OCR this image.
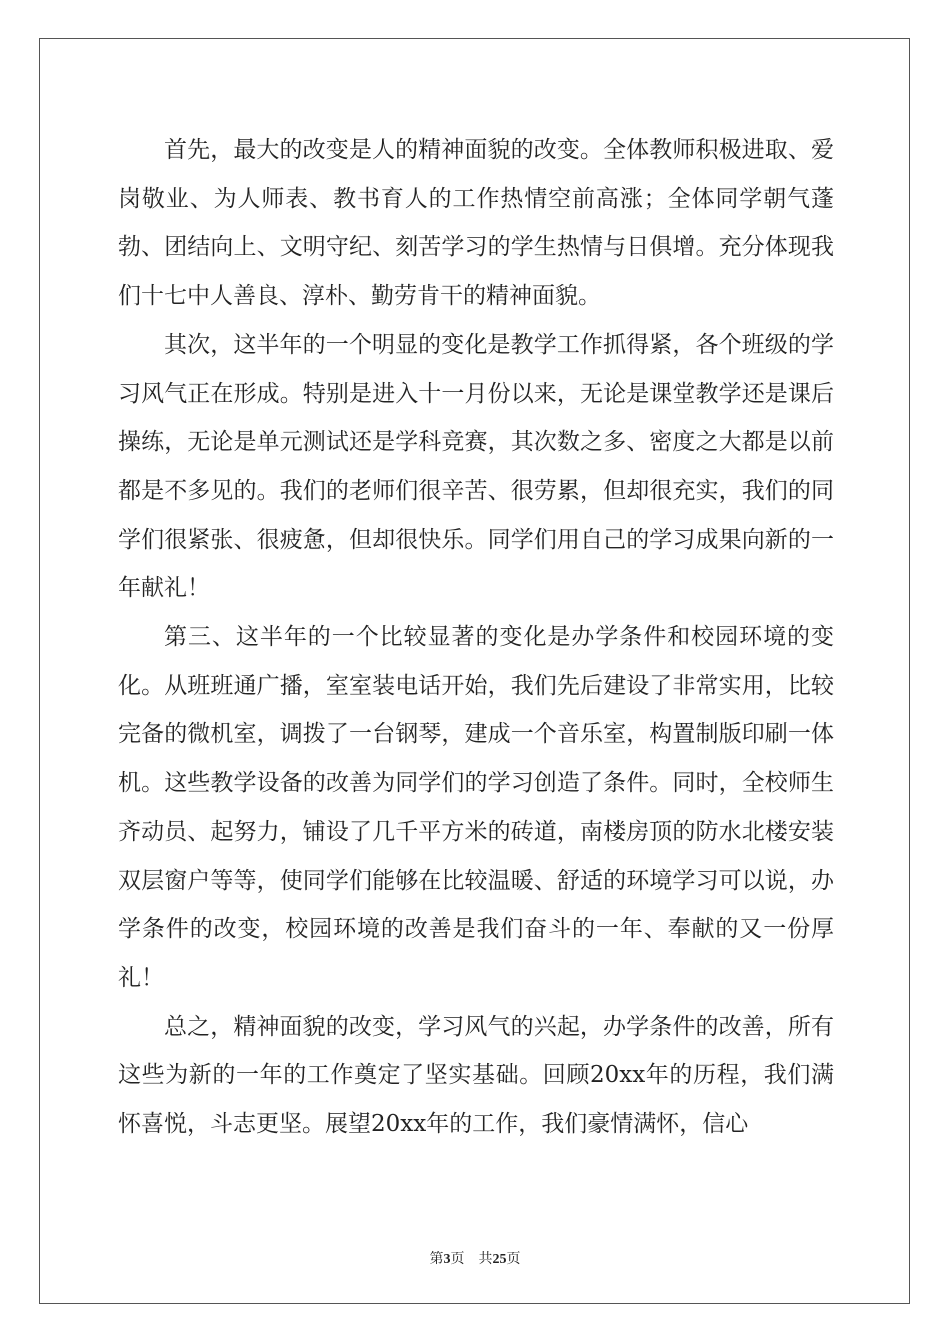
首先，最大的改变是人的精神面貌的改变。全体教师积极进取、爱岗敬业、为人师表、教书育人的工作热情空前高涨；全体同学朝气蓬勃、团结向上、文明守纪、刻苦学习的学生热情与日俱增。充分体现我们十七中人善良、淳朴、勤劳肯干的精神面貌。

其次，这半年的一个明显的变化是教学工作抓得紧，各个班级的学习风气正在形成。特别是进入十一月份以来，无论是课堂教学还是课后操练，无论是单元测试还是学科竞赛，其次数之多、密度之大都是以前都是不多见的。我们的老师们很辛苦、很劳累，但却很充实，我们的同学们很紧张、很疲惫，但却很快乐。同学们用自己的学习成果向新的一年献礼！

第三、这半年的一个比较显著的变化是办学条件和校园环境的变化。从班班通广播，室室装电话开始，我们先后建设了非常实用，比较完备的微机室，调拨了一台钢琴，建成一个音乐室，构置制版印刷一体机。这些教学设备的改善为同学们的学习创造了条件。同时，全校师生齐动员、起努力，铺设了几千平方米的砖道，南楼房顶的防水北楼安装双层窗户等等，使同学们能够在比较温暖、舒适的环境学习可以说，办学条件的改变，校园环境的改善是我们奋斗的一年、奉献的又一份厚礼！

总之，精神面貌的改变，学习风气的兴起，办学条件的改善，所有这些为新的一年的工作奠定了坚实基础。回顾20xx年的历程，我们满怀喜悦，斗志更坚。展望20xx年的工作，我们豪情满怀，信心

第3页 共25页
